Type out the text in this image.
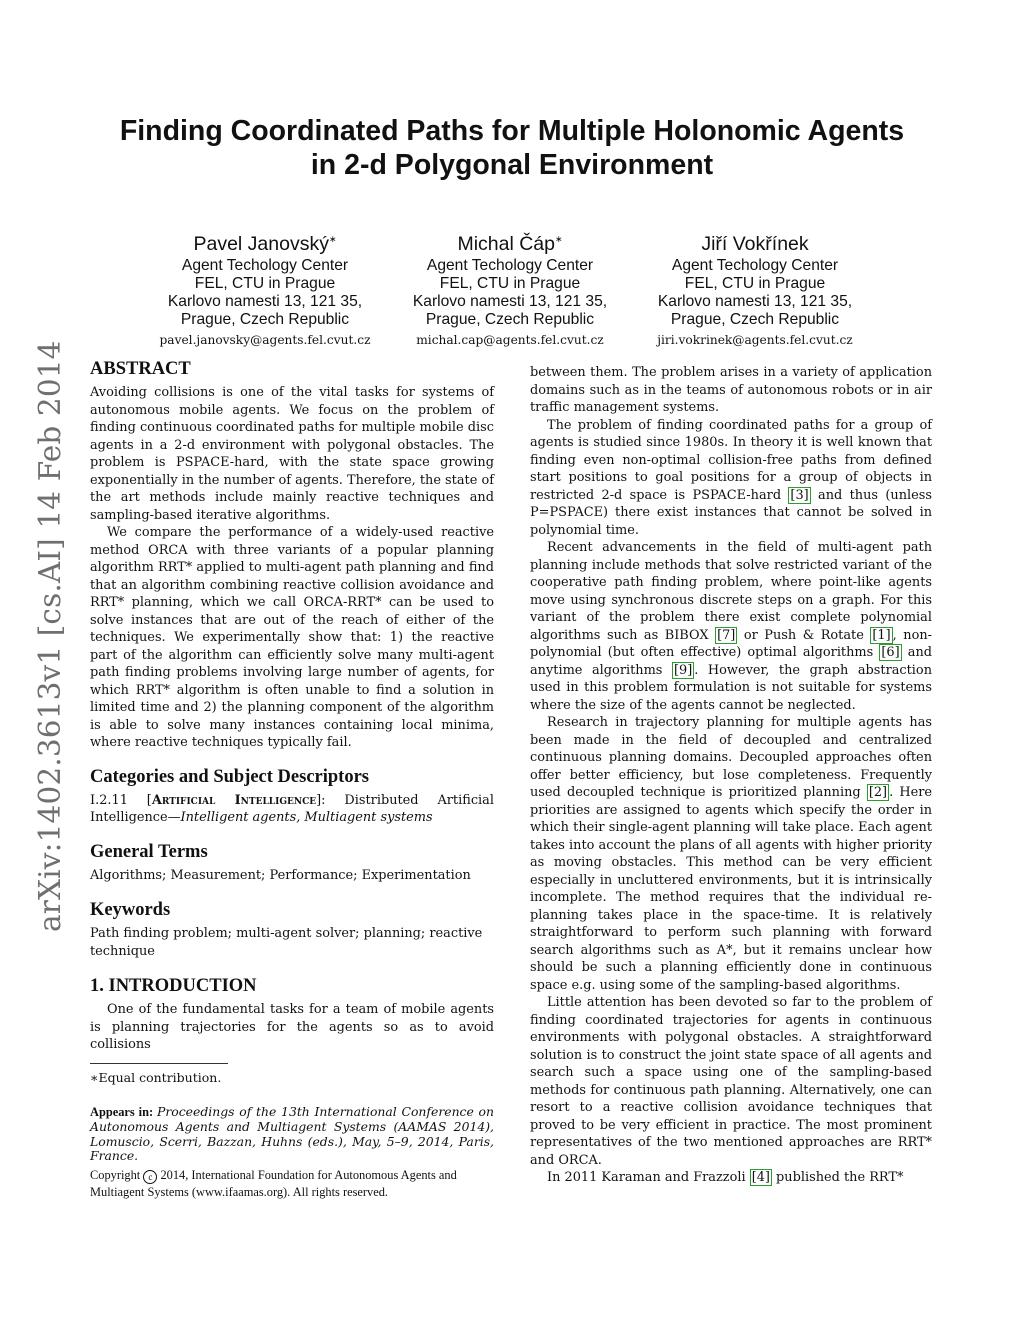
arXiv:1402.3613v1 [cs.AI] 14 Feb 2014
Finding Coordinated Paths for Multiple Holonomic Agents
in 2-d Polygonal Environment
Pavel Janovský∗
Agent Techology Center
FEL, CTU in Prague
Karlovo namesti 13, 121 35,
Prague, Czech Republic
pavel.janovsky@agents.fel.cvut.cz
Michal Čáp∗
Agent Techology Center
FEL, CTU in Prague
Karlovo namesti 13, 121 35,
Prague, Czech Republic
michal.cap@agents.fel.cvut.cz
Jiří Vokřínek
Agent Techology Center
FEL, CTU in Prague
Karlovo namesti 13, 121 35,
Prague, Czech Republic
jiri.vokrinek@agents.fel.cvut.cz
ABSTRACT

Avoiding collisions is one of the vital tasks for systems of autonomous mobile agents. We focus on the problem of finding continuous coordinated paths for multiple mobile disc agents in a 2-d environment with polygonal obstacles. The problem is PSPACE-hard, with the state space growing exponentially in the number of agents. Therefore, the state of the art methods include mainly reactive techniques and sampling-based iterative algorithms.

We compare the performance of a widely-used reactive method ORCA with three variants of a popular planning algorithm RRT* applied to multi-agent path planning and find that an algorithm combining reactive collision avoidance and RRT* planning, which we call ORCA-RRT* can be used to solve instances that are out of the reach of either of the techniques. We experimentally show that: 1) the reactive part of the algorithm can efficiently solve many multi-agent path finding problems involving large number of agents, for which RRT* algorithm is often unable to find a solution in limited time and 2) the planning component of the algorithm is able to solve many instances containing local minima, where reactive techniques typically fail.

Categories and Subject Descriptors

I.2.11 [Artificial Intelligence]: Distributed Artificial Intelligence—Intelligent agents, Multiagent systems

General Terms

Algorithms; Measurement; Performance; Experimentation

Keywords

Path finding problem; multi-agent solver; planning; reactive technique

1. INTRODUCTION

One of the fundamental tasks for a team of mobile agents is planning trajectories for the agents so as to avoid collisions

∗Equal contribution.

Appears in: Proceedings of the 13th International Conference on Autonomous Agents and Multiagent Systems (AAMAS 2014), Lomuscio, Scerri, Bazzan, Huhns (eds.), May, 5–9, 2014, Paris, France.

Copyright c 2014, International Foundation for Autonomous Agents and Multiagent Systems (www.ifaamas.org). All rights reserved.

between them. The problem arises in a variety of application domains such as in the teams of autonomous robots or in air traffic management systems.

The problem of finding coordinated paths for a group of agents is studied since 1980s. In theory it is well known that finding even non-optimal collision-free paths from defined start positions to goal positions for a group of objects in restricted 2-d space is PSPACE-hard [3] and thus (unless P=PSPACE) there exist instances that cannot be solved in polynomial time.

Recent advancements in the field of multi-agent path planning include methods that solve restricted variant of the cooperative path finding problem, where point-like agents move using synchronous discrete steps on a graph. For this variant of the problem there exist complete polynomial algorithms such as BIBOX [7] or Push & Rotate [1] , non-polynomial (but often effective) optimal algorithms [6] and anytime algorithms [9] . However, the graph abstraction used in this problem formulation is not suitable for systems where the size of the agents cannot be neglected.

Research in trajectory planning for multiple agents has been made in the field of decoupled and centralized continuous planning domains. Decoupled approaches often offer better efficiency, but lose completeness. Frequently used decoupled technique is prioritized planning [2] . Here priorities are assigned to agents which specify the order in which their single-agent planning will take place. Each agent takes into account the plans of all agents with higher priority as moving obstacles. This method can be very efficient especially in uncluttered environments, but it is intrinsically incomplete. The method requires that the individual re-planning takes place in the space-time. It is relatively straightforward to perform such planning with forward search algorithms such as A*, but it remains unclear how should be such a planning efficiently done in continuous space e.g. using some of the sampling-based algorithms.

Little attention has been devoted so far to the problem of finding coordinated trajectories for agents in continuous environments with polygonal obstacles. A straightforward solution is to construct the joint state space of all agents and search such a space using one of the sampling-based methods for continuous path planning. Alternatively, one can resort to a reactive collision avoidance techniques that proved to be very efficient in practice. The most prominent representatives of the two mentioned approaches are RRT* and ORCA.

In 2011 Karaman and Frazzoli [4] published the RRT*
